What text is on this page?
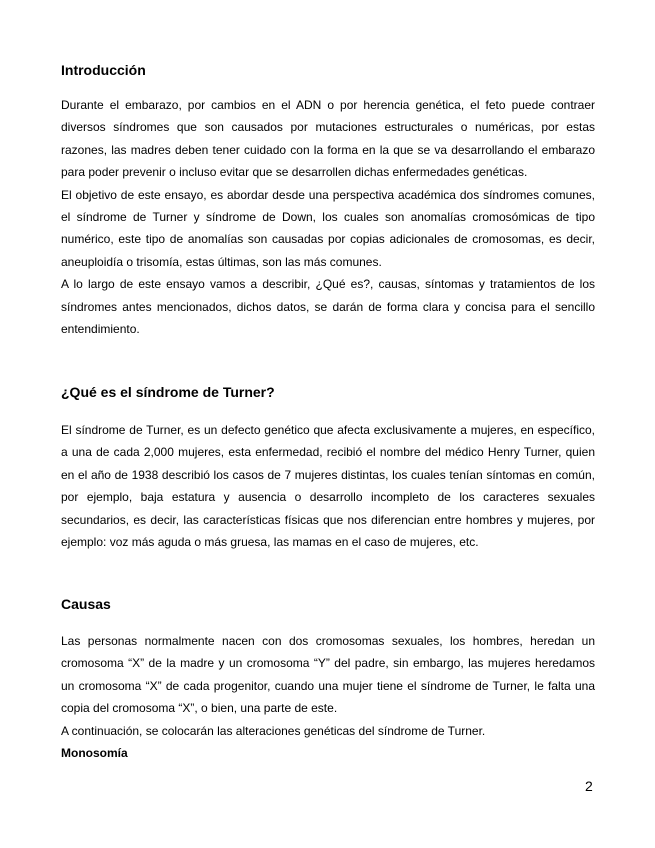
Introducción

Durante el embarazo, por cambios en el ADN o por herencia genética, el feto puede contraer diversos síndromes que son causados por mutaciones estructurales o numéricas, por estas razones, las madres deben tener cuidado con la forma en la que se va desarrollando el embarazo para poder prevenir o incluso evitar que se desarrollen dichas enfermedades genéticas.

El objetivo de este ensayo, es abordar desde una perspectiva académica dos síndromes comunes, el síndrome de Turner y síndrome de Down, los cuales son anomalías cromosómicas de tipo numérico, este tipo de anomalías son causadas por copias adicionales de cromosomas, es decir, aneuploidía o trisomía, estas últimas, son las más comunes.

A lo largo de este ensayo vamos a describir, ¿Qué es?, causas, síntomas y tratamientos de los síndromes antes mencionados, dichos datos, se darán de forma clara y concisa para el sencillo entendimiento.

¿Qué es el síndrome de Turner?

El síndrome de Turner, es un defecto genético que afecta exclusivamente a mujeres, en específico, a una de cada 2,000 mujeres, esta enfermedad, recibió el nombre del médico Henry Turner, quien en el año de 1938 describió los casos de 7 mujeres distintas, los cuales tenían síntomas en común, por ejemplo, baja estatura y ausencia o desarrollo incompleto de los caracteres sexuales secundarios, es decir, las características físicas que nos diferencian entre hombres y mujeres, por ejemplo: voz más aguda o más gruesa, las mamas en el caso de mujeres, etc.

Causas

Las personas normalmente nacen con dos cromosomas sexuales, los hombres, heredan un cromosoma “X” de la madre y un cromosoma “Y” del padre, sin embargo, las mujeres heredamos un cromosoma “X” de cada progenitor, cuando una mujer tiene el síndrome de Turner, le falta una copia del cromosoma “X”, o bien, una parte de este.

A continuación, se colocarán las alteraciones genéticas del síndrome de Turner.

Monosomía
2
